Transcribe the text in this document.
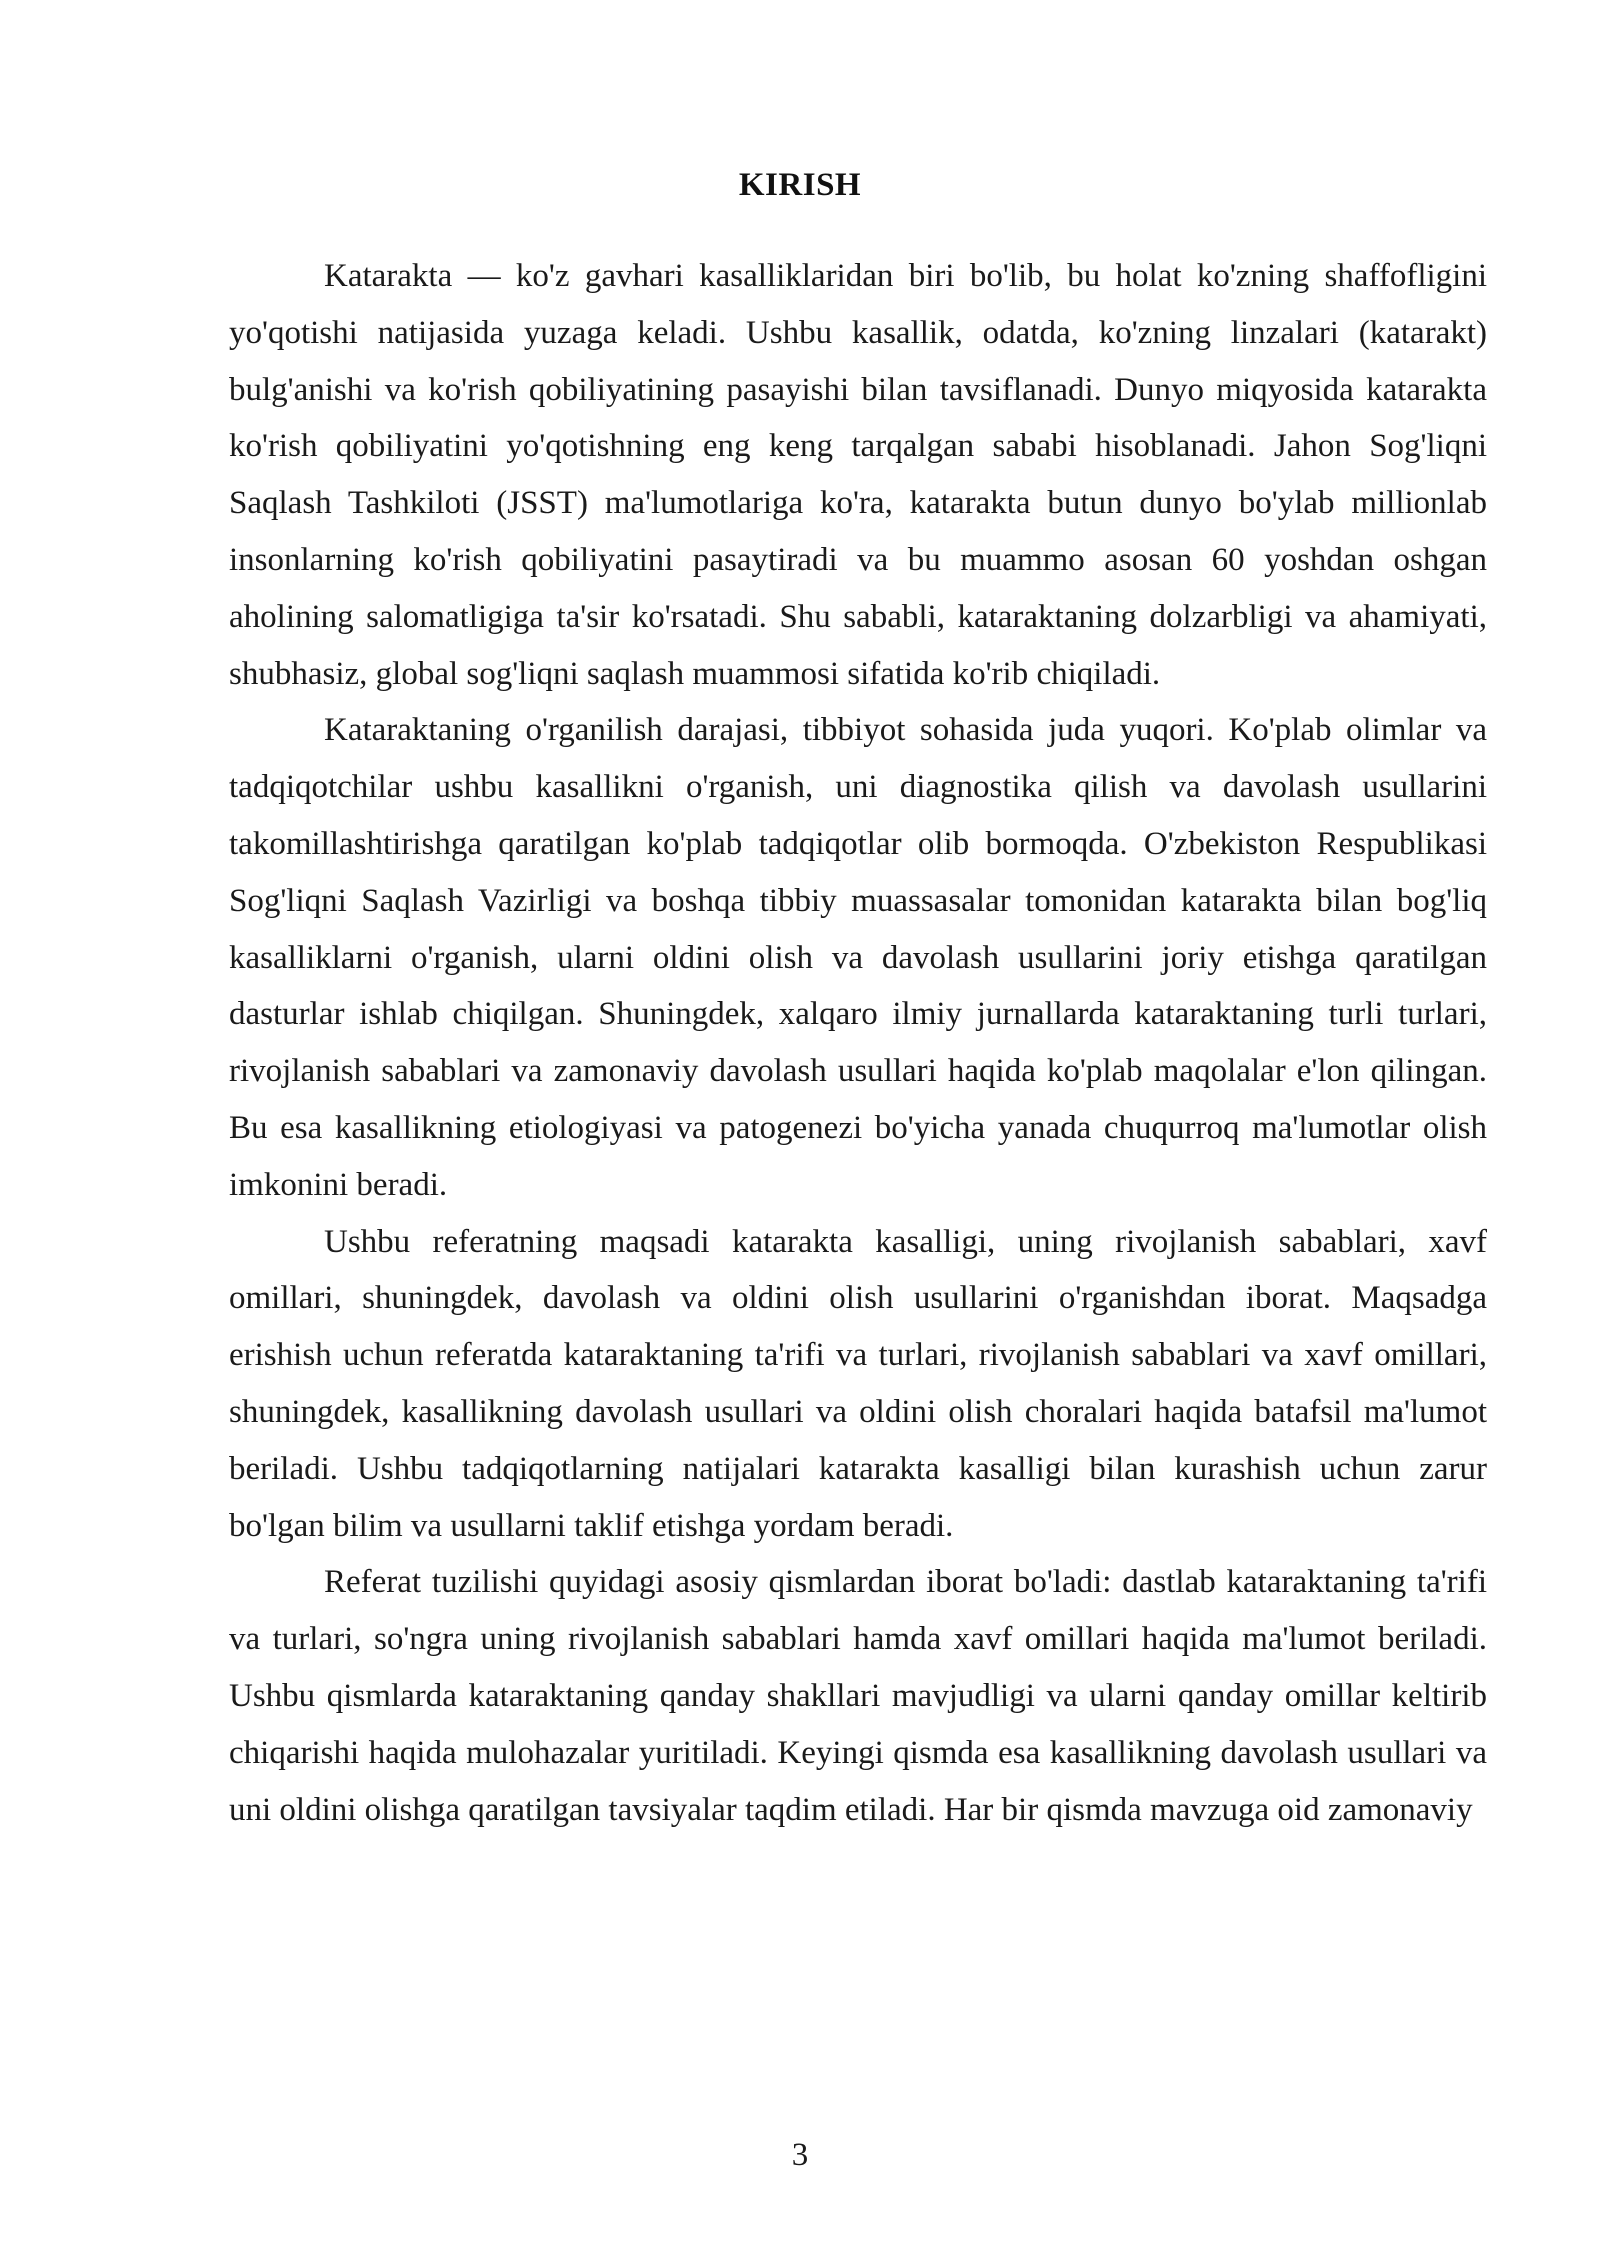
KIRISH

Katarakta — ko'z gavhari kasalliklaridan biri bo'lib, bu holat ko'zning shaffofligini yo'qotishi natijasida yuzaga keladi. Ushbu kasallik, odatda, ko'zning linzalari (katarakt) bulg'anishi va ko'rish qobiliyatining pasayishi bilan tavsiflanadi. Dunyo miqyosida katarakta ko'rish qobiliyatini yo'qotishning eng keng tarqalgan sababi hisoblanadi. Jahon Sog'liqni Saqlash Tashkiloti (JSST) ma'lumotlariga ko'ra, katarakta butun dunyo bo'ylab millionlab insonlarning ko'rish qobiliyatini pasaytiradi va bu muammo asosan 60 yoshdan oshgan aholining salomatligiga ta'sir ko'rsatadi. Shu sababli, kataraktaning dolzarbligi va ahamiyati, shubhasiz, global sog'liqni saqlash muammosi sifatida ko'rib chiqiladi.

Kataraktaning o'rganilish darajasi, tibbiyot sohasida juda yuqori. Ko'plab olimlar va tadqiqotchilar ushbu kasallikni o'rganish, uni diagnostika qilish va davolash usullarini takomillashtirishga qaratilgan ko'plab tadqiqotlar olib bormoqda. O'zbekiston Respublikasi Sog'liqni Saqlash Vazirligi va boshqa tibbiy muassasalar tomonidan katarakta bilan bog'liq kasalliklarni o'rganish, ularni oldini olish va davolash usullarini joriy etishga qaratilgan dasturlar ishlab chiqilgan. Shuningdek, xalqaro ilmiy jurnallarda kataraktaning turli turlari, rivojlanish sabablari va zamonaviy davolash usullari haqida ko'plab maqolalar e'lon qilingan. Bu esa kasallikning etiologiyasi va patogenezi bo'yicha yanada chuqurroq ma'lumotlar olish imkonini beradi.

Ushbu referatning maqsadi katarakta kasalligi, uning rivojlanish sabablari, xavf omillari, shuningdek, davolash va oldini olish usullarini o'rganishdan iborat. Maqsadga erishish uchun referatda kataraktaning ta'rifi va turlari, rivojlanish sabablari va xavf omillari, shuningdek, kasallikning davolash usullari va oldini olish choralari haqida batafsil ma'lumot beriladi. Ushbu tadqiqotlarning natijalari katarakta kasalligi bilan kurashish uchun zarur bo'lgan bilim va usullarni taklif etishga yordam beradi.

Referat tuzilishi quyidagi asosiy qismlardan iborat bo'ladi: dastlab kataraktaning ta'rifi va turlari, so'ngra uning rivojlanish sabablari hamda xavf omillari haqida ma'lumot beriladi. Ushbu qismlarda kataraktaning qanday shakllari mavjudligi va ularni qanday omillar keltirib chiqarishi haqida mulohazalar yuritiladi. Keyingi qismda esa kasallikning davolash usullari va uni oldini olishga qaratilgan tavsiyalar taqdim etiladi. Har bir qismda mavzuga oid zamonaviy

3
